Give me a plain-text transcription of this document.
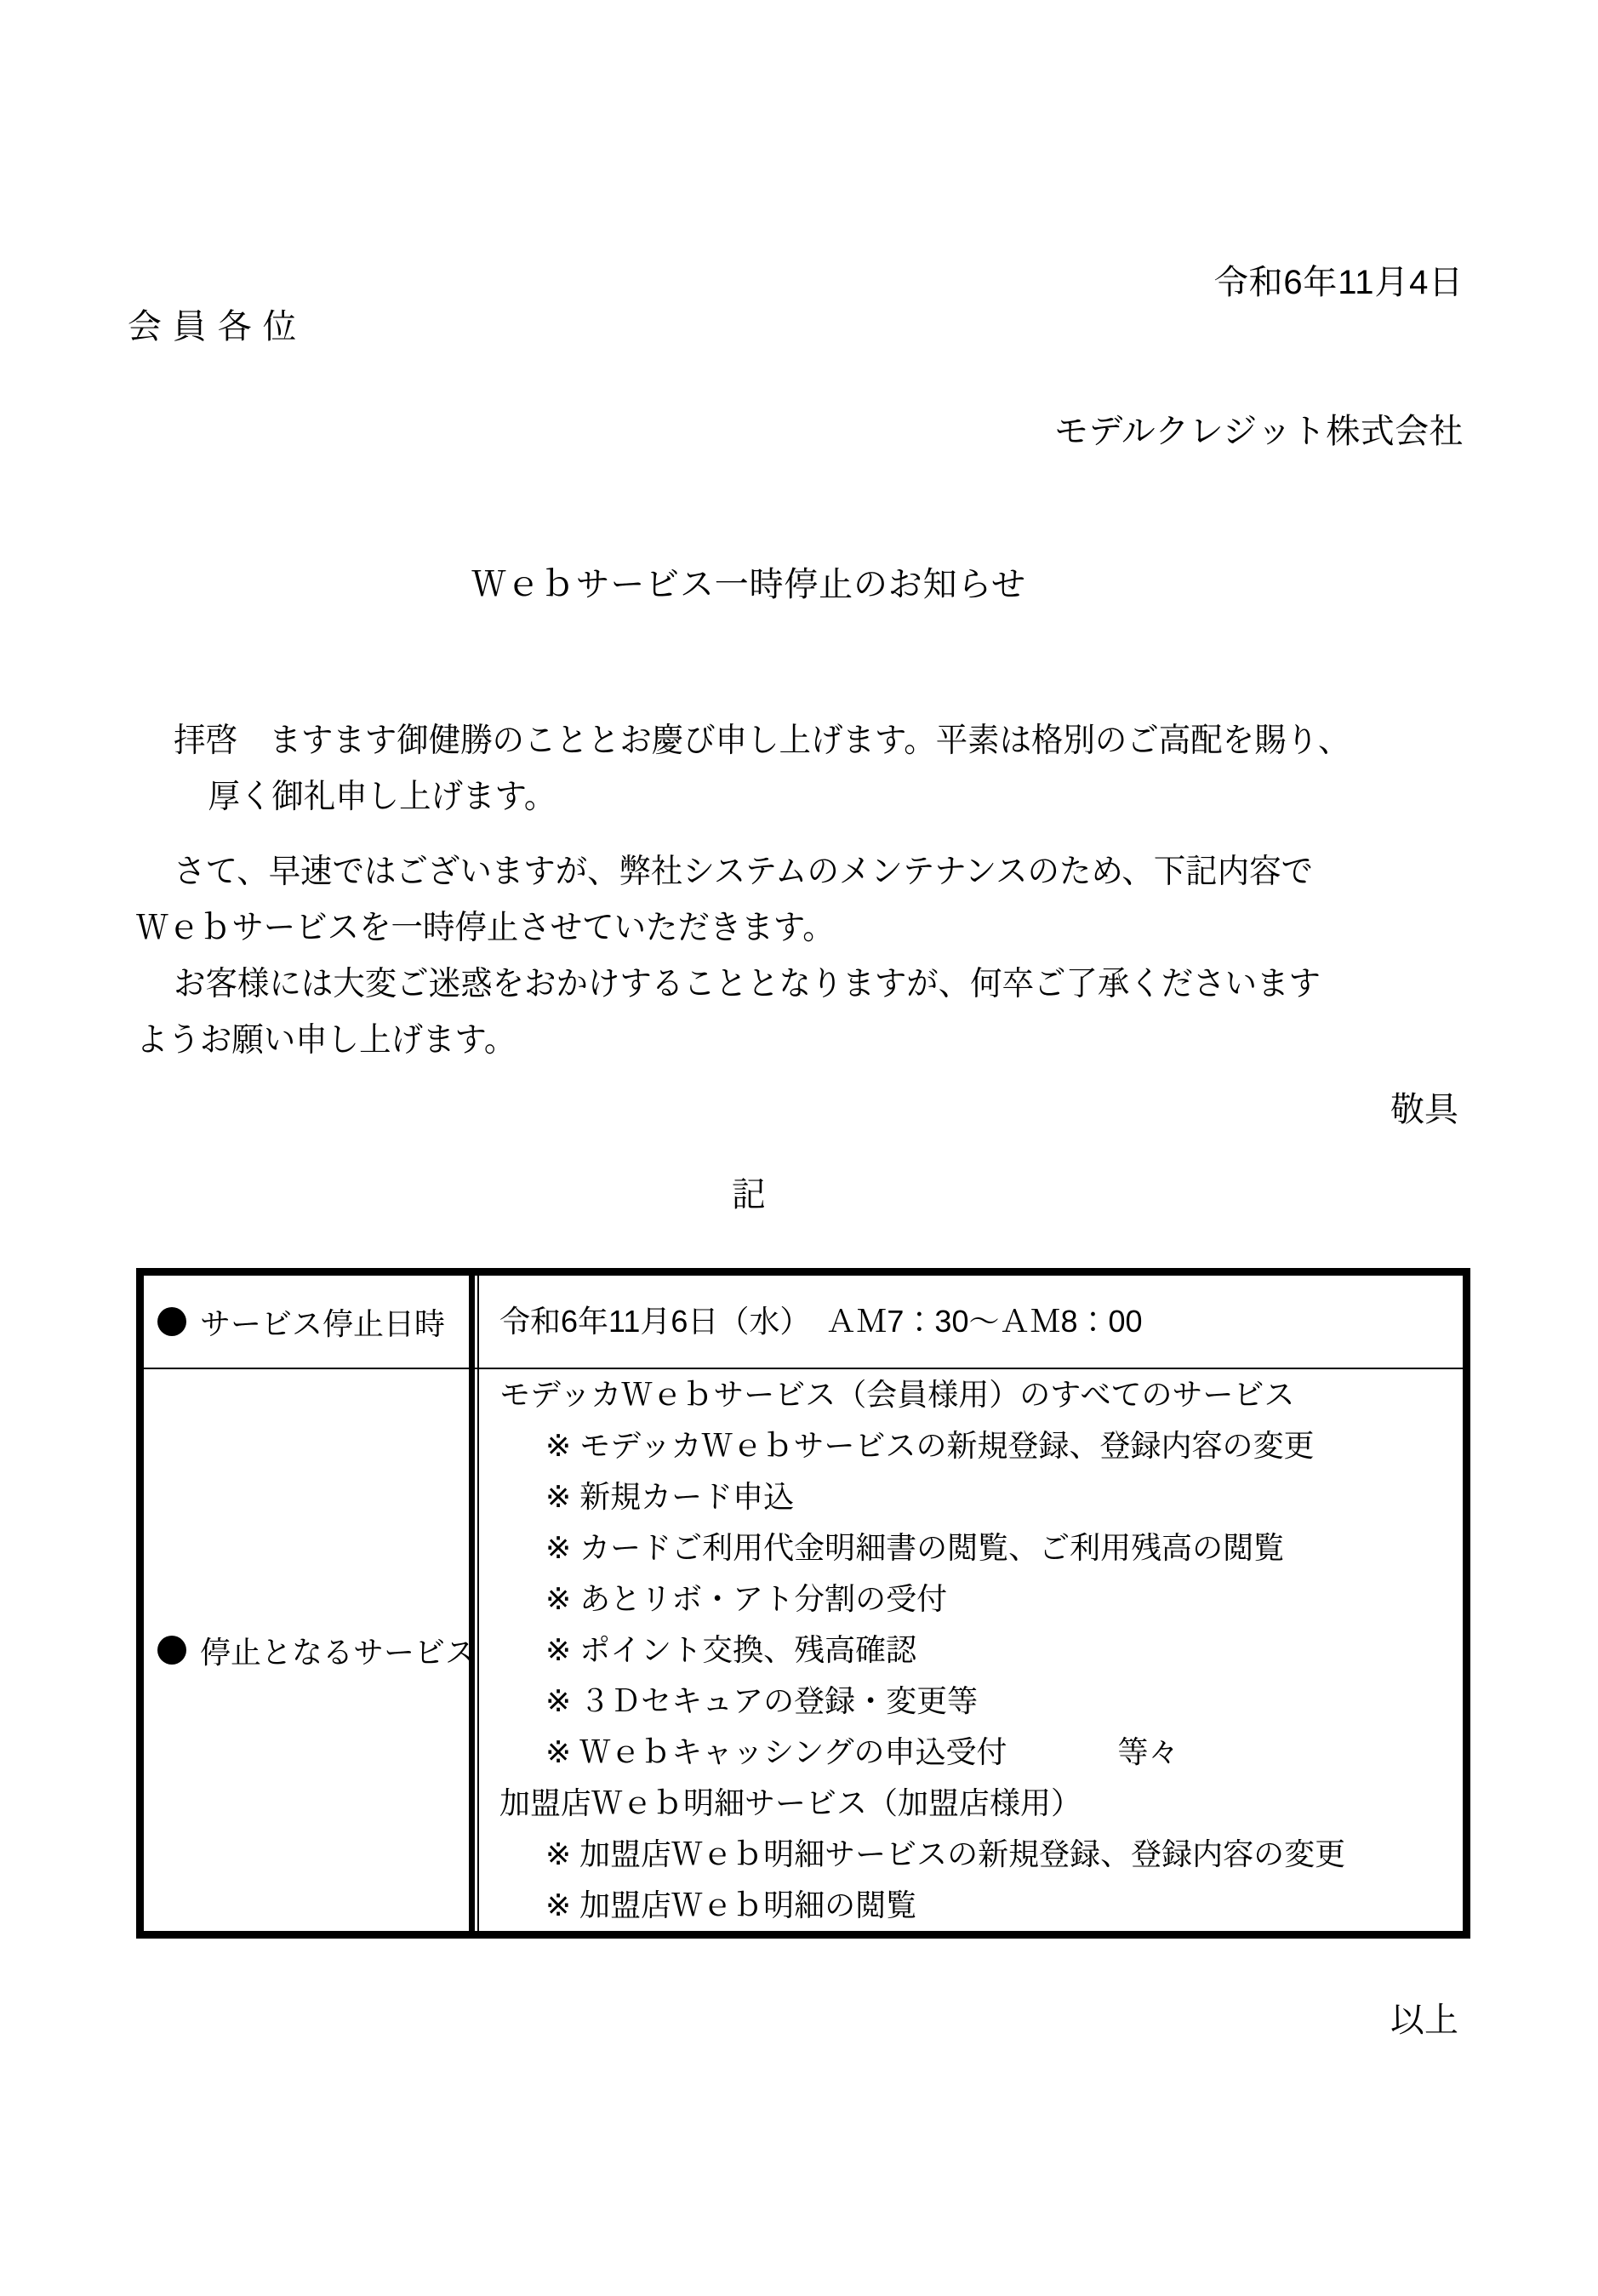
令和6年11月4日
会員各位
モデルクレジット株式会社
Ｗｅｂサービス一時停止のお知らせ
拝啓　ますます御健勝のこととお慶び申し上げます。平素は格別のご高配を賜り、
厚く御礼申し上げます。
さて、早速ではございますが、弊社システムのメンテナンスのため、下記内容で
Ｗｅｂサービスを一時停止させていただきます。
お客様には大変ご迷惑をおかけすることとなりますが、何卒ご了承くださいます
ようお願い申し上げます。
敬具
記
サービス停止日時 令和6年11月6日（水）　ＡＭ7：30～ＡＭ8：00
停止となるサービス
モデッカＷｅｂサービス（会員様用）のすべてのサービス
※ モデッカＷｅｂサービスの新規登録、登録内容の変更
※ 新規カード申込
※ カードご利用代金明細書の閲覧、ご利用残高の閲覧
※ あとリボ・アト分割の受付
※ ポイント交換、残高確認
※ ３Ｄセキュアの登録・変更等
※ Ｗｅｂキャッシングの申込受付	等々
加盟店Ｗｅｂ明細サービス（加盟店様用）
※ 加盟店Ｗｅｂ明細サービスの新規登録、登録内容の変更
※ 加盟店Ｗｅｂ明細の閲覧
以上
